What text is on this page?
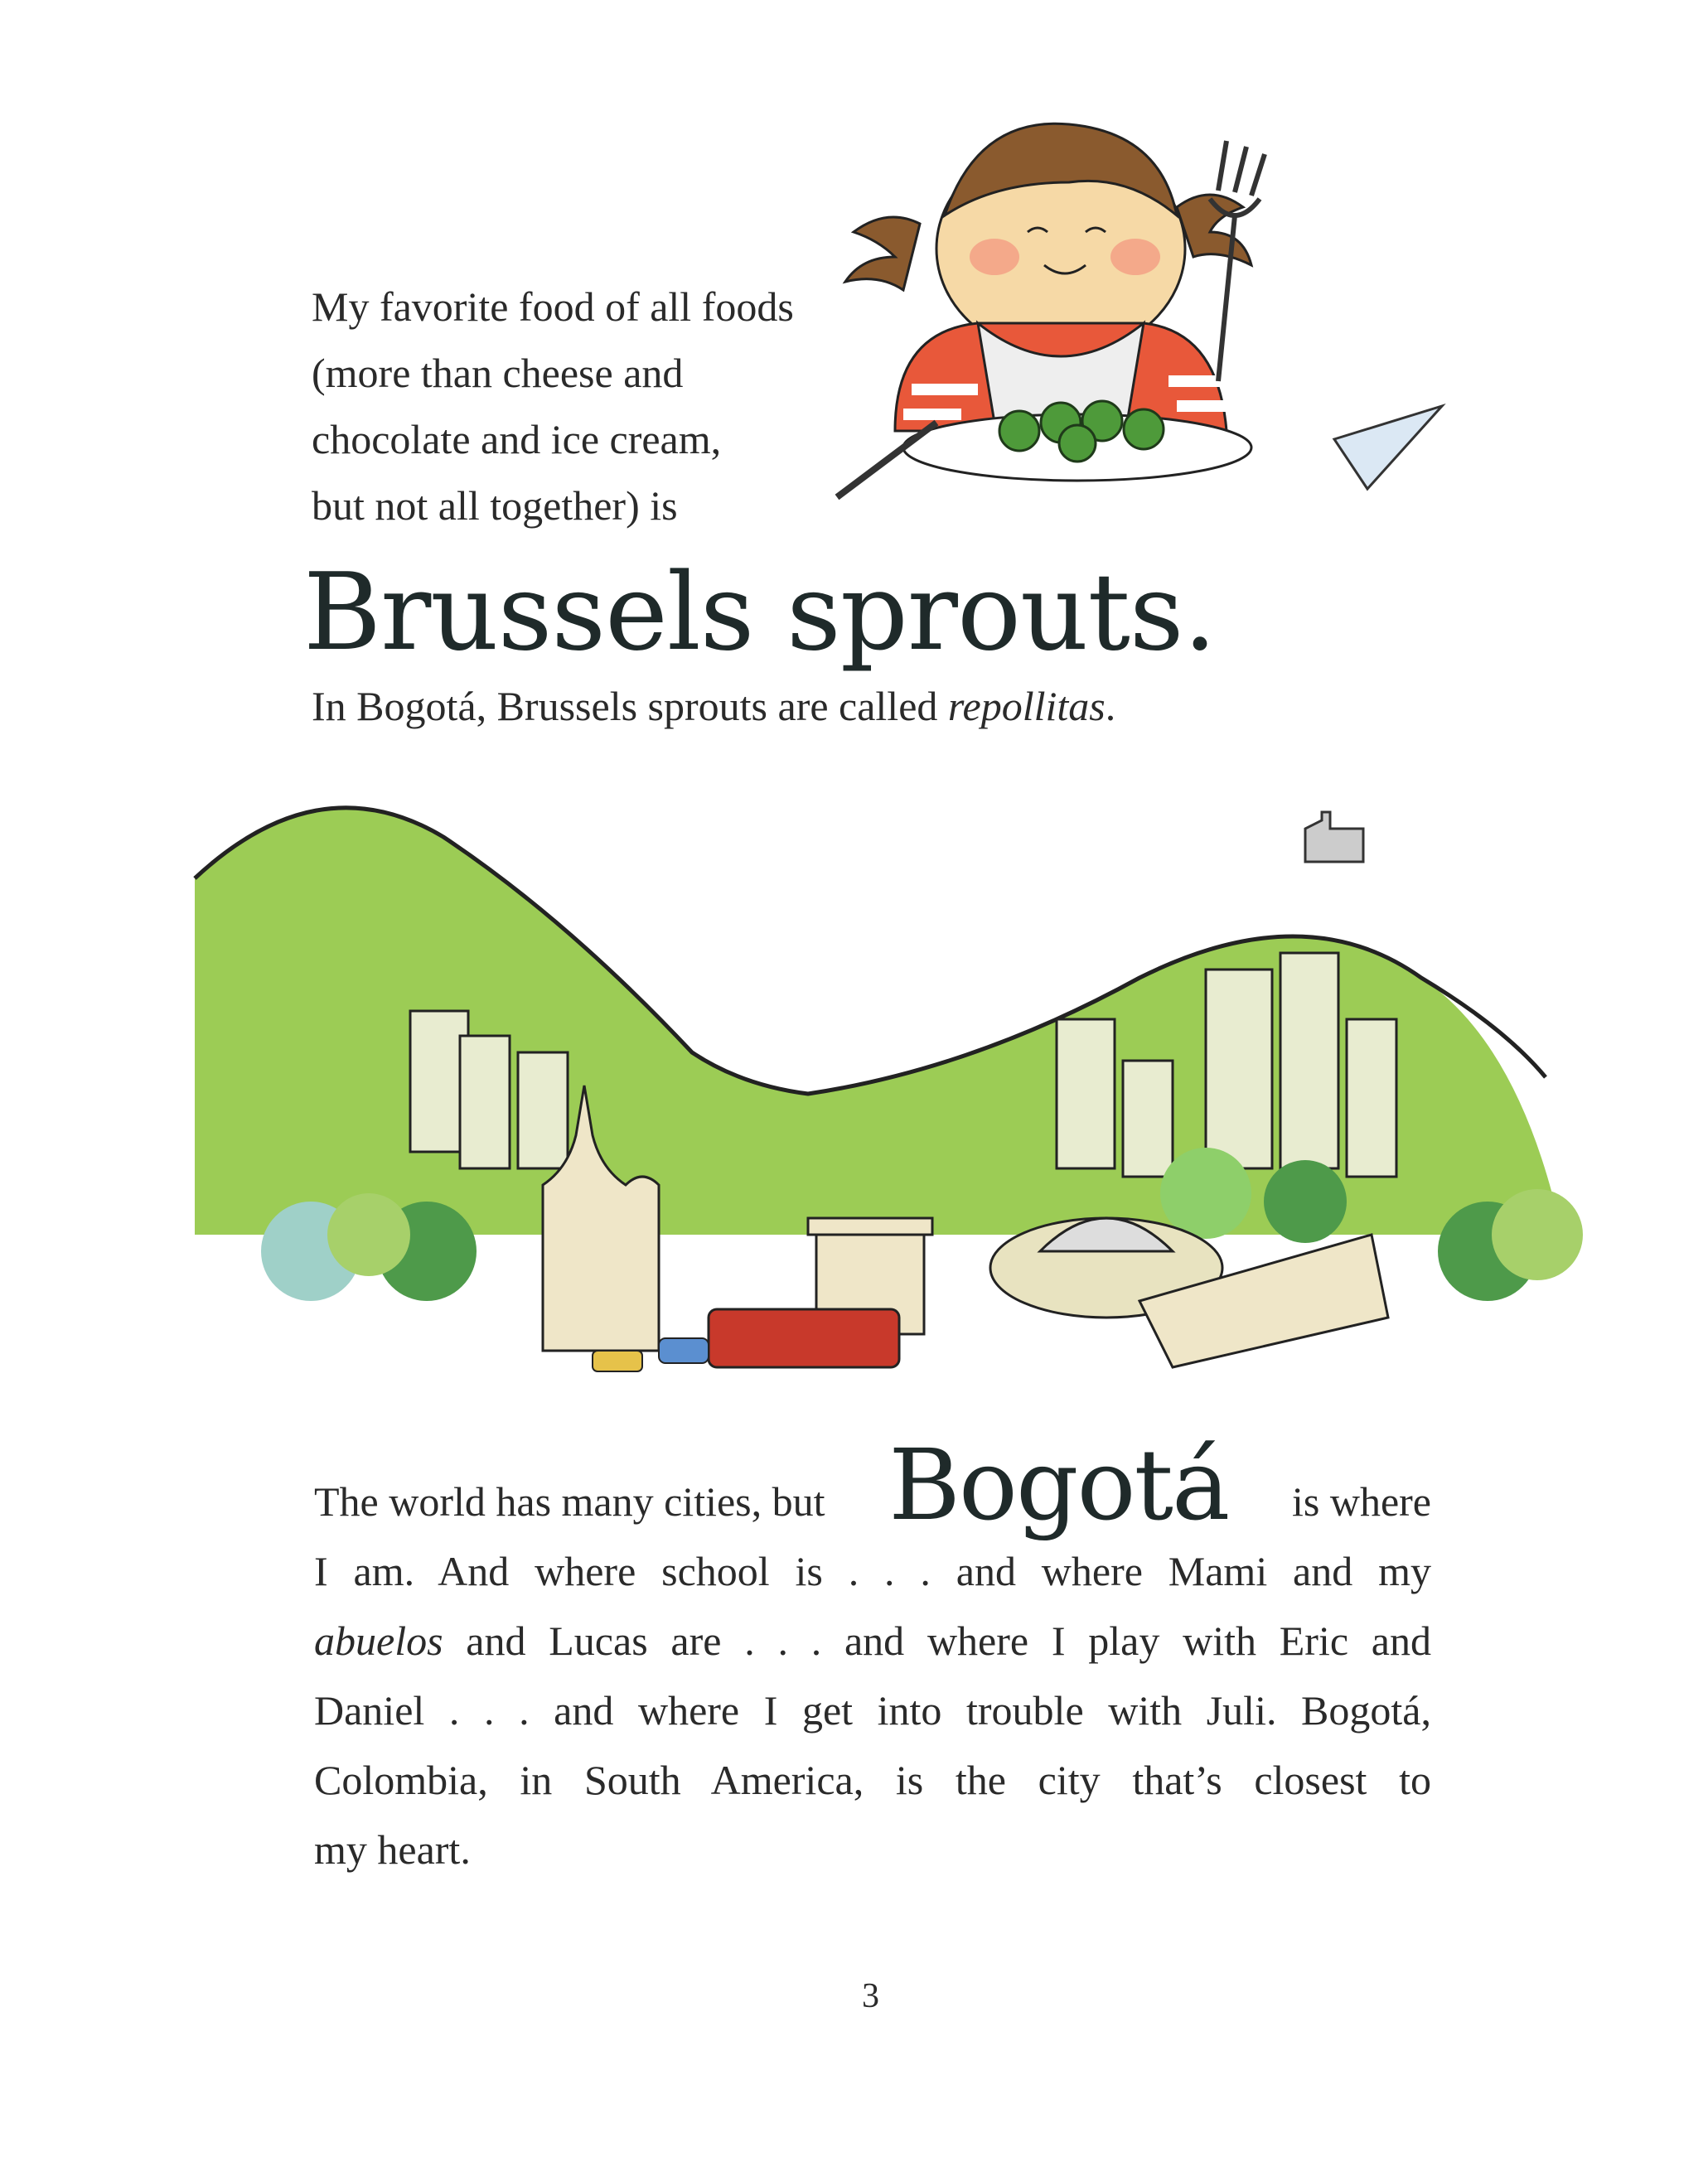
My favorite food of all foods
(more than cheese and
chocolate and ice cream,
but not all together) is
Brussels sprouts.
In Bogotá, Brussels sprouts are called repollitas.
The world has many cities, but Bogotá is where
I am. And where school is . . . and where Mami and my
abuelos and Lucas are . . . and where I play with Eric and
Daniel . . . and where I get into trouble with Juli. Bogotá,
Colombia, in South America, is the city that’s closest to
my heart.
3
